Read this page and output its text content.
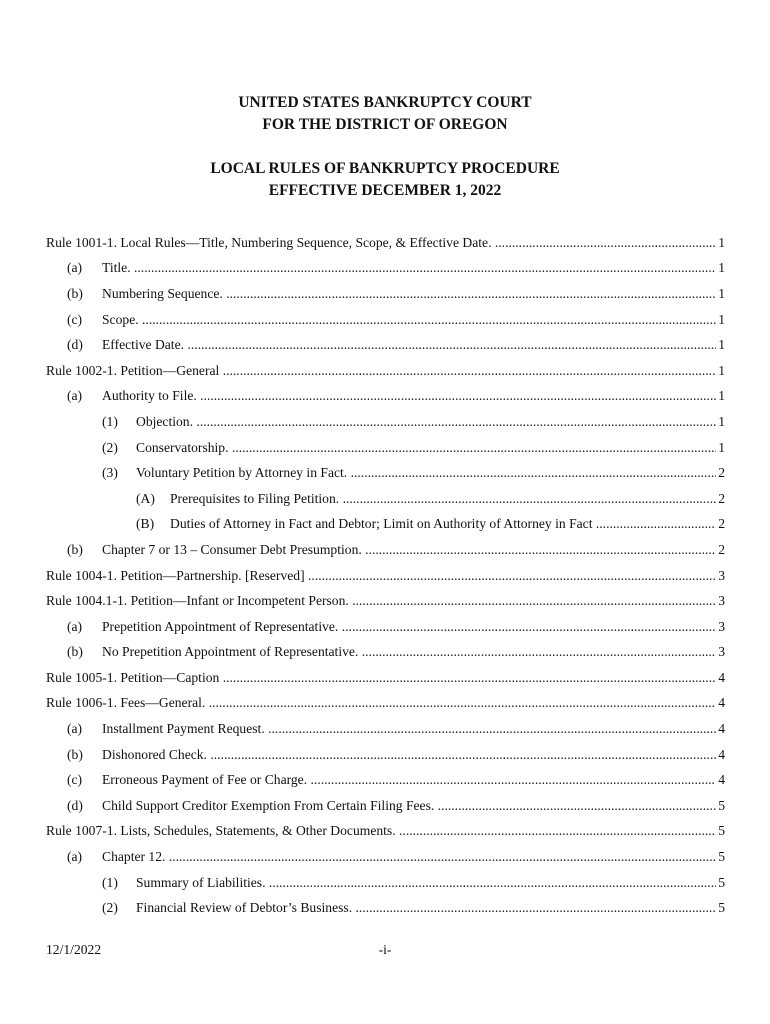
UNITED STATES BANKRUPTCY COURT
FOR THE DISTRICT OF OREGON
LOCAL RULES OF BANKRUPTCY PROCEDURE
EFFECTIVE DECEMBER 1, 2022
Rule 1001-1. Local Rules—Title, Numbering Sequence, Scope, & Effective Date. .....	1
(a)	Title. .....	1
(b)	Numbering Sequence. .....	1
(c)	Scope. .....	1
(d)	Effective Date. .....	1
Rule 1002-1. Petition—General .....	1
(a)	Authority to File. .....	1
(1)	Objection. .....	1
(2)	Conservatorship. .....	1
(3)	Voluntary Petition by Attorney in Fact. .....	2
(A)	Prerequisites to Filing Petition. .....	2
(B)	Duties of Attorney in Fact and Debtor; Limit on Authority of Attorney in Fact .....	2
(b)	Chapter 7 or 13 – Consumer Debt Presumption. .....	2
Rule 1004-1. Petition—Partnership. [Reserved] .....	3
Rule 1004.1-1. Petition—Infant or Incompetent Person. .....	3
(a)	Prepetition Appointment of Representative. .....	3
(b)	No Prepetition Appointment of Representative. .....	3
Rule 1005-1. Petition—Caption .....	4
Rule 1006-1. Fees—General. .....	4
(a)	Installment Payment Request. .....	4
(b)	Dishonored Check. .....	4
(c)	Erroneous Payment of Fee or Charge. .....	4
(d)	Child Support Creditor Exemption From Certain Filing Fees. .....	5
Rule 1007-1. Lists, Schedules, Statements, & Other Documents. .....	5
(a)	Chapter 12. .....	5
(1)	Summary of Liabilities. .....	5
(2)	Financial Review of Debtor’s Business. .....	5
12/1/2022	-i-
